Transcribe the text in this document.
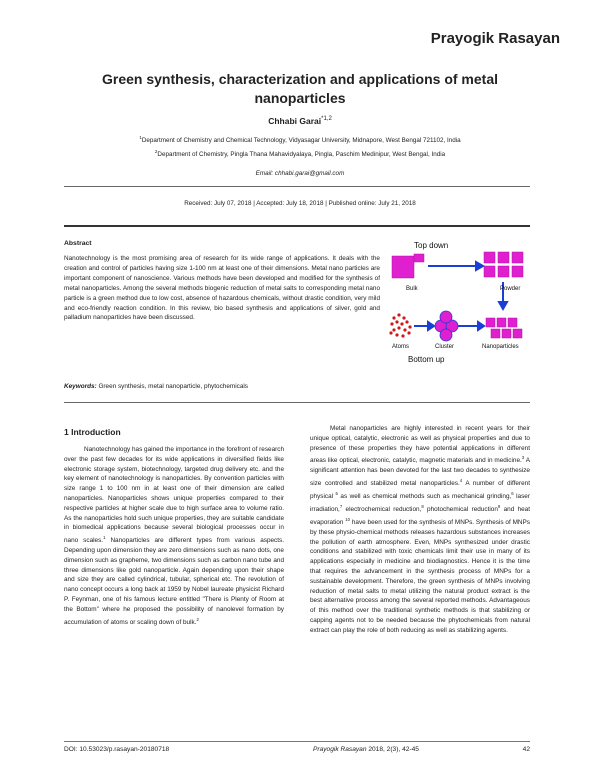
Prayogik Rasayan
Green synthesis, characterization and applications of metal nanoparticles
Chhabi Garai$^{*1,2}$
$^1$Department of Chemistry and Chemical Technology, Vidyasagar University, Midnapore, West Bengal 721102, India
$^2$Department of Chemistry, Pingla Thana Mahavidyalaya, Pingla, Paschim Medinipur, West Bengal, India
Email: chhabi.garai@gmail.com
Received: July 07, 2018 | Accepted: July 18, 2018 | Published online: July 21, 2018
Abstract
Nanotechnology is the most promising area of research for its wide range of applications. It deals with the creation and control of particles having size 1-100 nm at least one of their dimensions. Metal nano particles are important component of nanoscience. Various methods have been developed and modified for the synthesis of metal nanoparticles. Among the several methods biogenic reduction of metal salts to corresponding metal nano particle is a green method due to low cost, absence of hazardous chemicals, without drastic condition, very mild and eco-friendly reaction condition. In this review, bio based synthesis and applications of silver, gold and palladium nanoparticles have been discussed.
Top down
Bulk	Powder
Atoms	Cluster	Nanoparticles
Bottom up
Keywords: Green synthesis, metal nanoparticle, phytochemicals
1 Introduction
Nanotechnology has gained the importance in the forefront of research over the past few decades for its wide applications in diversified fields like electronic storage system, biotechnology, targeted drug delivery etc. and the key element of nanotechnology is nanoparticles. By convention particles with size range 1 to 100 nm in at least one of their dimension are called nanoparticles. Nanoparticles shows unique properties compared to their respective particles at higher scale due to high surface area to volume ratio. As the nanoparticles hold such unique properties, they are suitable candidate in biomedical applications because several biological processes occur in nano scales.$^1$ Nanoparticles are different types from various aspects. Depending upon dimension they are zero dimensions such as nano dots, one dimension such as grapheme, two dimensions such as carbon nano tube and three dimensions like gold nanoparticle. Again depending upon their shape and size they are called cylindrical, tubular, spherical etc. The revolution of nano concept occurs a long back at 1959 by Nobel laureate physicist Richard P. Feynman, one of his famous lecture entitled "There is Plenty of Room at the Bottom" where he proposed the possibility of nanolevel formation by accumulation of atoms or scaling down of bulk.$^2$
Metal nanoparticles are highly interested in recent years for their unique optical, catalytic, electronic as well as physical properties and due to presence of these properties they have potential applications in different areas like optical, electronic, catalytic, magnetic materials and in medicine.$^3$ A significant attention has been devoted for the last two decades to synthesize size controlled and stabilized metal nanoparticles.$^4$ A number of different physical $^5$ as well as chemical methods such as mechanical grinding,$^6$ laser irradiation,$^7$ electrochemical reduction,$^8$ photochemical reduction$^9$ and heat evaporation $^{10}$ have been used for the synthesis of MNPs. Synthesis of MNPs by these physio-chemical methods releases hazardous substances increases the pollution of earth atmosphere. Even, MNPs synthesized under drastic conditions and stabilized with toxic chemicals limit their use in many of its applications especially in medicine and biodiagnostics. Hence it is the time that requires the advancement in the synthesis process of MNPs for a sustainable development. Therefore, the green synthesis of MNPs involving reduction of metal salts to metal utilizing the natural product extract is the best alternative process among the several reported methods. Advantageous of this method over the traditional synthetic methods is that stabilizing or capping agents not to be needed because the phytochemicals from natural extract can play the role of both reducing as well as stabilizing agents.
DOI: 10.53023/p.rasayan-20180718	Prayogik Rasayan 2018, 2(3), 42-45	42
